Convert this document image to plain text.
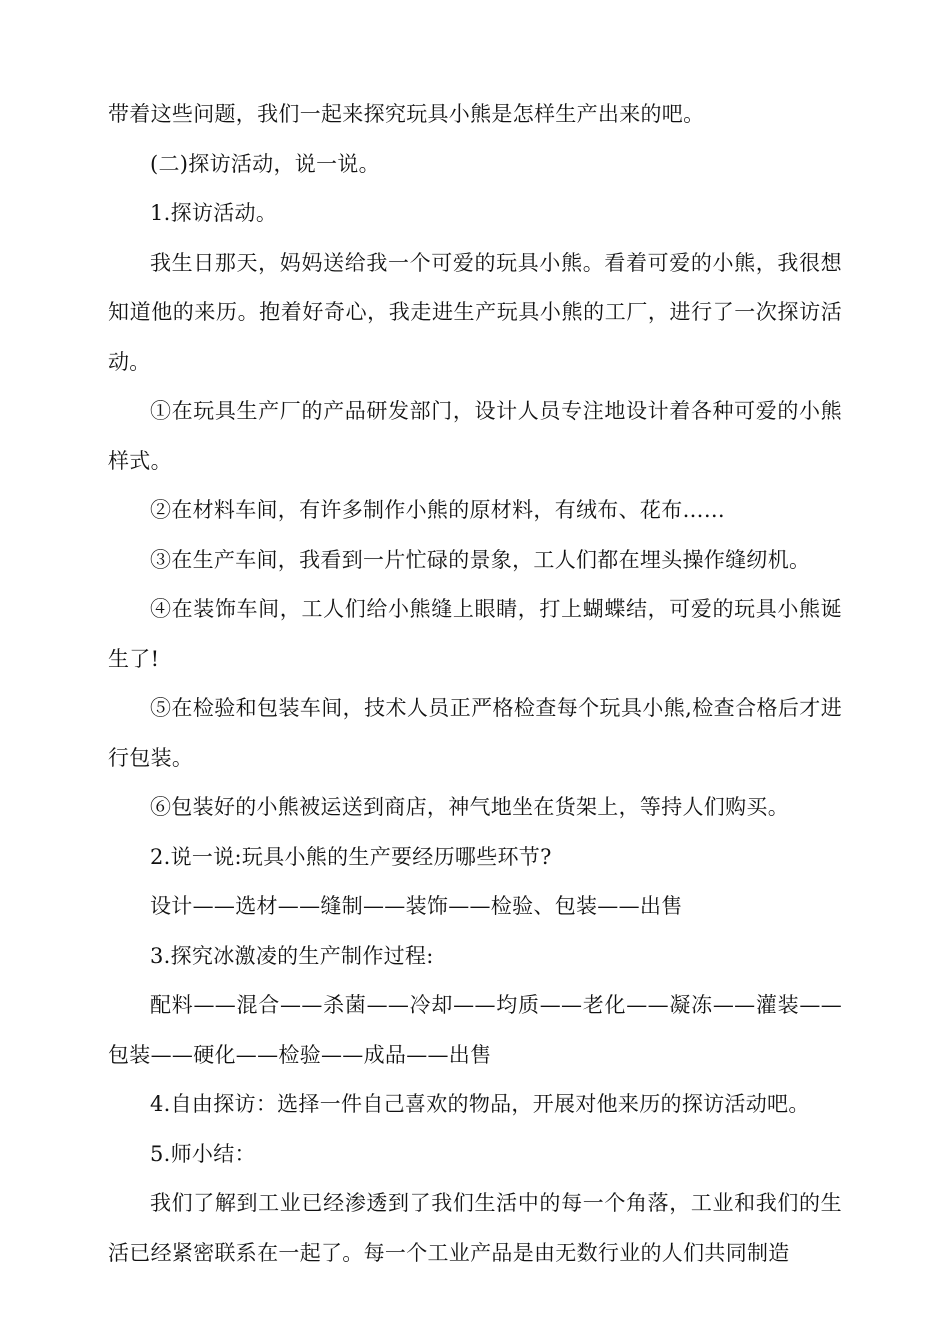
带着这些问题，我们一起来探究玩具小熊是怎样生产出来的吧。

(二)探访活动，说一说。

1.探访活动。

我生日那天，妈妈送给我一个可爱的玩具小熊。看着可爱的小熊，我很想知道他的来历。抱着好奇心，我走进生产玩具小熊的工厂，进行了一次探访活动。

①在玩具生产厂的产品研发部门，设计人员专注地设计着各种可爱的小熊样式。

②在材料车间，有许多制作小熊的原材料，有绒布、花布……

③在生产车间，我看到一片忙碌的景象，工人们都在埋头操作缝纫机。

④在装饰车间，工人们给小熊缝上眼睛，打上蝴蝶结，可爱的玩具小熊诞生了!

⑤在检验和包装车间，技术人员正严格检查每个玩具小熊,检查合格后才进行包装。

⑥包装好的小熊被运送到商店，神气地坐在货架上，等持人们购买。

2.说一说:玩具小熊的生产要经历哪些环节?

设计——选材——缝制——装饰——检验、包装——出售

3.探究冰激凌的生产制作过程:

配料——混合——杀菌——冷却——均质——老化——凝冻——灌装——包装——硬化——检验——成品——出售

4.自由探访：选择一件自己喜欢的物品，开展对他来历的探访活动吧。

5.师小结：

我们了解到工业已经渗透到了我们生活中的每一个角落，工业和我们的生活已经紧密联系在一起了。每一个工业产品是由无数行业的人们共同制造
